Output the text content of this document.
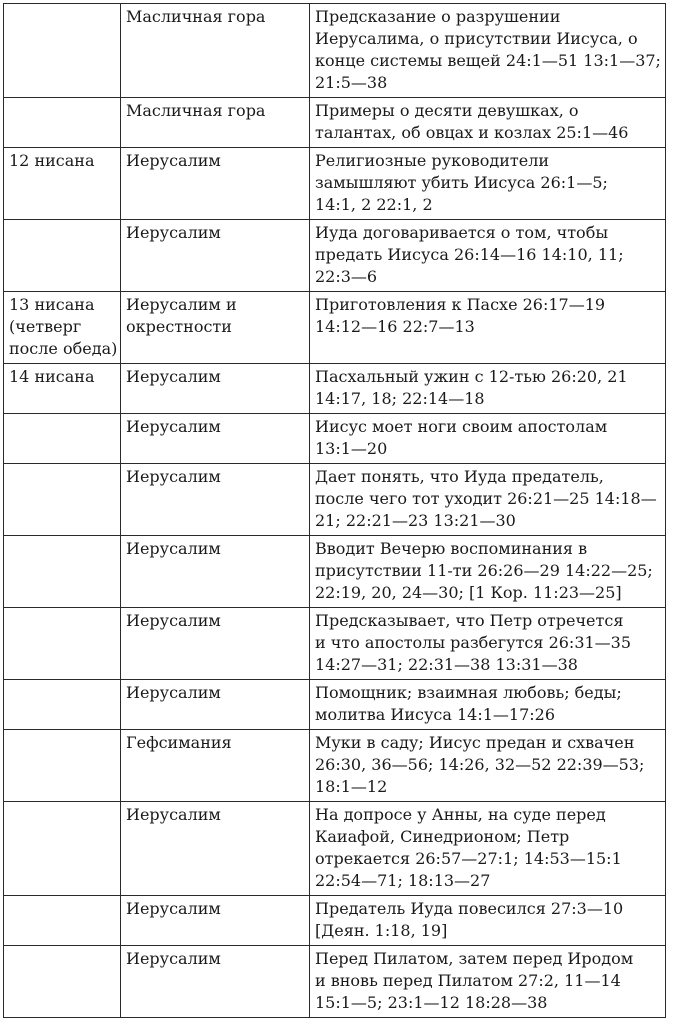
	Масличная гора	Предсказание о разрушении
Иерусалима, о присутствии Иисуса, о
конце системы вещей 24:1—51 13:1—37;
21:5—38

	Масличная гора	Примеры о десяти девушках, о
талантах, об овцах и козлах 25:1—46

12 нисана	Иерусалим	Религиозные руководители
замышляют убить Иисуса 26:1—5;
14:1, 2 22:1, 2

	Иерусалим	Иуда договаривается о том, чтобы
предать Иисуса 26:14—16 14:10, 11;
22:3—6

13 нисана
(четверг
после обеда)	Иерусалим и
окрестности	Приготовления к Пасхе 26:17—19
14:12—16 22:7—13

14 нисана	Иерусалим	Пасхальный ужин с 12-тью 26:20, 21
14:17, 18; 22:14—18

	Иерусалим	Иисус моет ноги своим апостолам
13:1—20

	Иерусалим	Дает понять, что Иуда предатель,
после чего тот уходит 26:21—25 14:18—
21; 22:21—23 13:21—30

	Иерусалим	Вводит Вечерю воспоминания в
присутствии 11-ти 26:26—29 14:22—25;
22:19, 20, 24—30; [1 Кор. 11:23—25]

	Иерусалим	Предсказывает, что Петр отречется
и что апостолы разбегутся 26:31—35
14:27—31; 22:31—38 13:31—38

	Иерусалим	Помощник; взаимная любовь; беды;
молитва Иисуса 14:1—17:26

	Гефсимания	Муки в саду; Иисус предан и схвачен
26:30, 36—56; 14:26, 32—52 22:39—53;
18:1—12

	Иерусалим	На допросе у Анны, на суде перед
Каиафой, Синедрионом; Петр
отрекается 26:57—27:1; 14:53—15:1
22:54—71; 18:13—27

	Иерусалим	Предатель Иуда повесился 27:3—10
[Деян. 1:18, 19]

	Иерусалим	Перед Пилатом, затем перед Иродом
и вновь перед Пилатом 27:2, 11—14
15:1—5; 23:1—12 18:28—38
